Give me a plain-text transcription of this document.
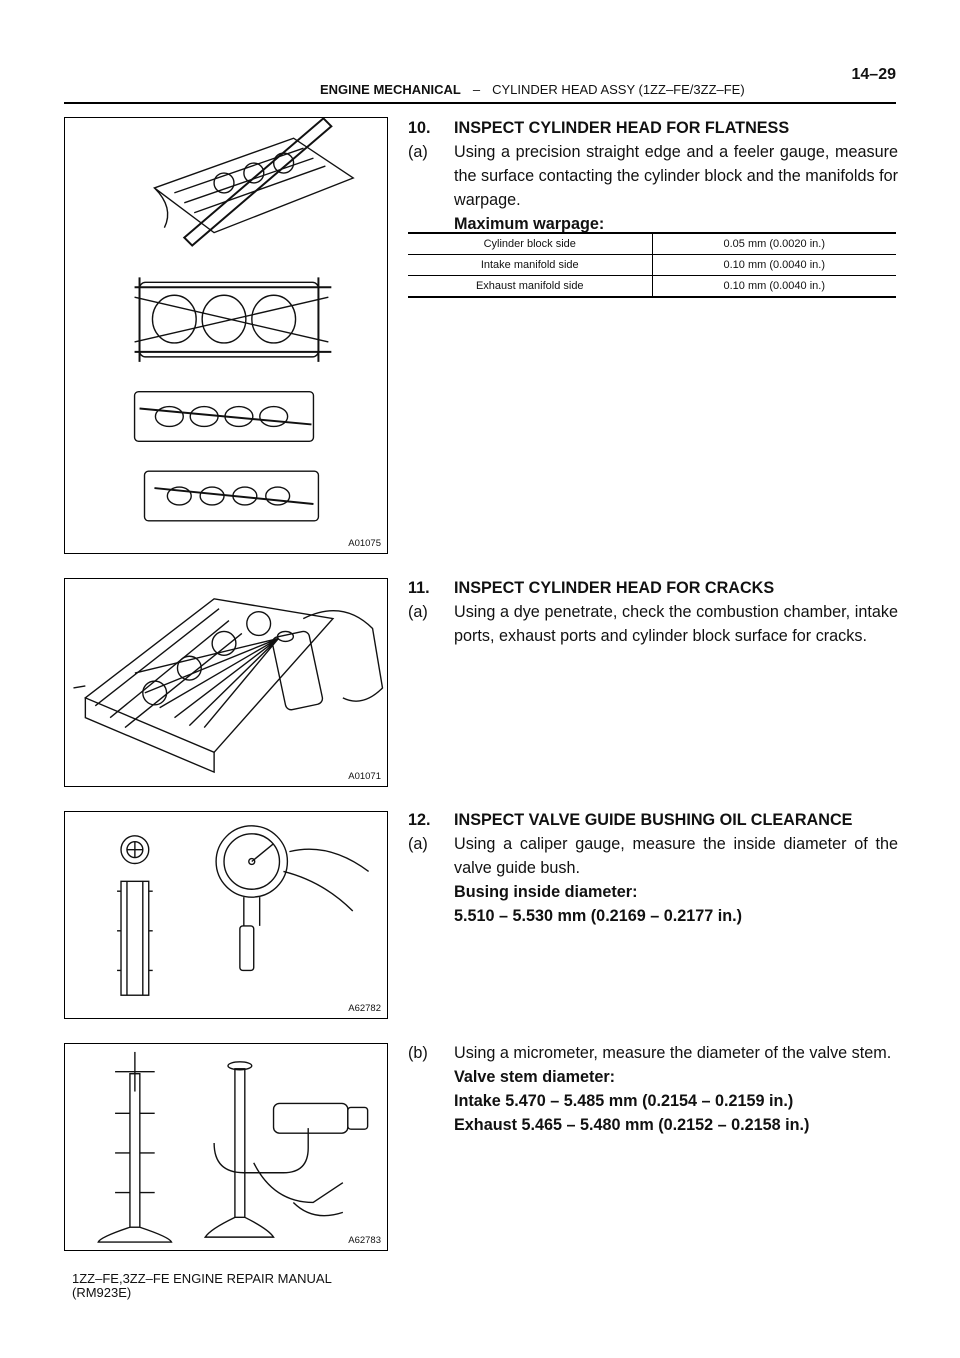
ENGINE MECHANICAL – CYLINDER HEAD ASSY (1ZZ–FE/3ZZ–FE)
14–29
A01075
A01071
A62782
A62783
10.	INSPECT CYLINDER HEAD FOR FLATNESS
(a)	Using a precision straight edge and a feeler gauge, measure the surface contacting the cylinder block and the manifolds for warpage.
Maximum warpage:
Cylinder block side	0.05 mm (0.0020 in.)
Intake manifold side	0.10 mm (0.0040 in.)
Exhaust manifold side	0.10 mm (0.0040 in.)
11.	INSPECT CYLINDER HEAD FOR CRACKS
(a)	Using a dye penetrate, check the combustion chamber, intake ports, exhaust ports and cylinder block surface for cracks.
12.	INSPECT VALVE GUIDE BUSHING OIL CLEARANCE
(a)	Using a caliper gauge, measure the inside diameter of the valve guide bush.
Busing inside diameter:
5.510 – 5.530 mm (0.2169 – 0.2177 in.)
(b)	Using a micrometer, measure the diameter of the valve stem.
Valve stem diameter:
Intake 5.470 – 5.485 mm (0.2154 – 0.2159 in.)
Exhaust 5.465 – 5.480 mm (0.2152 – 0.2158 in.)
1ZZ–FE,3ZZ–FE ENGINE REPAIR MANUAL
(RM923E)
